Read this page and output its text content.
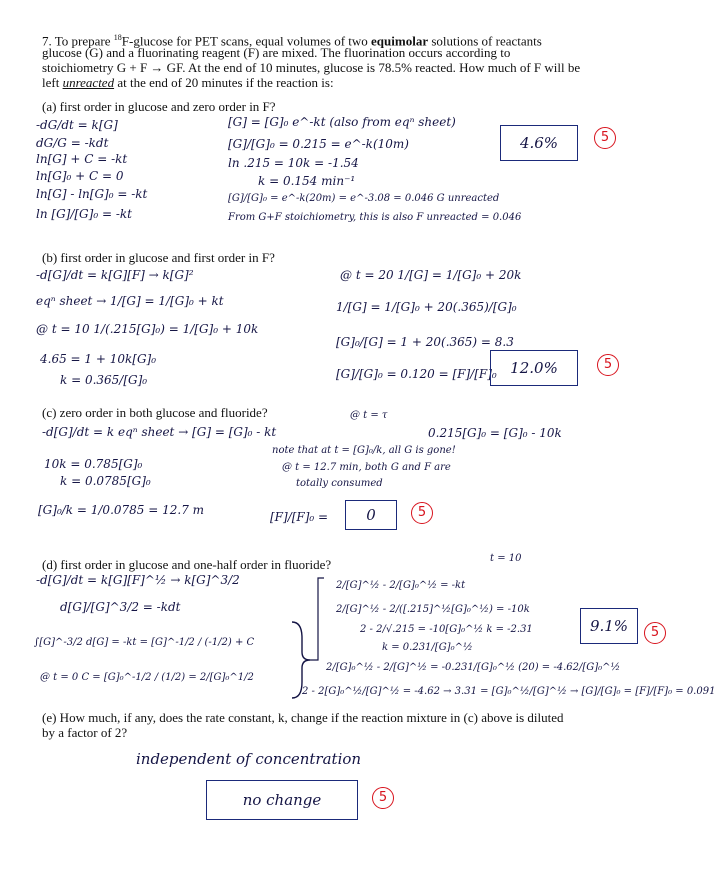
7. To prepare $^{18}$F-glucose for PET scans, equal volumes of two equimolar solutions of reactants
glucose (G) and a fluorinating reagent (F) are mixed. The fluorination occurs according to
stoichiometry G + F → GF. At the end of 10 minutes, glucose is 78.5% reacted. How much of F will be
left unreacted at the end of 20 minutes if the reaction is:
(a) first order in glucose and zero order in F?
-dG/dt = k[G]
dG/G = -kdt
ln[G] + C = -kt
ln[G]₀ + C = 0
ln[G] - ln[G]₀ = -kt
ln [G]/[G]₀ = -kt
[G] = [G]₀ e^-kt (also from eqⁿ sheet)
[G]/[G]₀ = 0.215 = e^-k(10m)
ln .215 = 10k = -1.54
k = 0.154 min⁻¹
[G]/[G]₀ = e^-k(20m) = e^-3.08 = 0.046 G unreacted
From G+F stoichiometry, this is also F unreacted = 0.046
4.6%	5
(b) first order in glucose and first order in F?
-d[G]/dt = k[G][F] → k[G]²
eqⁿ sheet → 1/[G] = 1/[G]₀ + kt
@ t = 10 1/(.215[G]₀) = 1/[G]₀ + 10k
4.65 = 1 + 10k[G]₀
k = 0.365/[G]₀
@ t = 20 1/[G] = 1/[G]₀ + 20k
1/[G] = 1/[G]₀ + 20(.365)/[G]₀
[G]₀/[G] = 1 + 20(.365) = 8.3
[G]/[G]₀ = 0.120 = [F]/[F]₀ 12.0%	5
(c) zero order in both glucose and fluoride?
-d[G]/dt = k eqⁿ sheet → [G] = [G]₀ - kt
10k = 0.785[G]₀
k = 0.0785[G]₀
[G]₀/k = 1/0.0785 = 12.7 m
@ t = τ
0.215[G]₀ = [G]₀ - 10k
note that at t = [G]₀/k, all G is gone!
@ t = 12.7 min, both G and F are
totally consumed
[F]/[F]₀ =	0	5
(d) first order in glucose and one-half order in fluoride?
-d[G]/dt = k[G][F]^½ → k[G]^3/2
d[G]/[G]^3/2 = -kdt
∫[G]^-3/2 d[G] = -kt = [G]^-1/2 / (-1/2) + C
@ t = 0 C = [G]₀^-1/2 / (1/2) = 2/[G]₀^1/2
2/[G]^½ - 2/[G]₀^½ = -kt
t = 10
2/[G]^½ - 2/([.215]^½[G]₀^½) = -10k
2 - 2/√.215 = -10[G]₀^½ k = -2.31
k = 0.231/[G]₀^½
2/[G]₀^½ - 2/[G]^½ = -0.231/[G]₀^½ (20) = -4.62/[G]₀^½
2 - 2[G]₀^½/[G]^½ = -4.62 → 3.31 = [G]₀^½/[G]^½ → [G]/[G]₀ = [F]/[F]₀ = 0.091
9.1%	5
(e) How much, if any, does the rate constant, k, change if the reaction mixture in (c) above is diluted
by a factor of 2?
independent of concentration
no change	5
